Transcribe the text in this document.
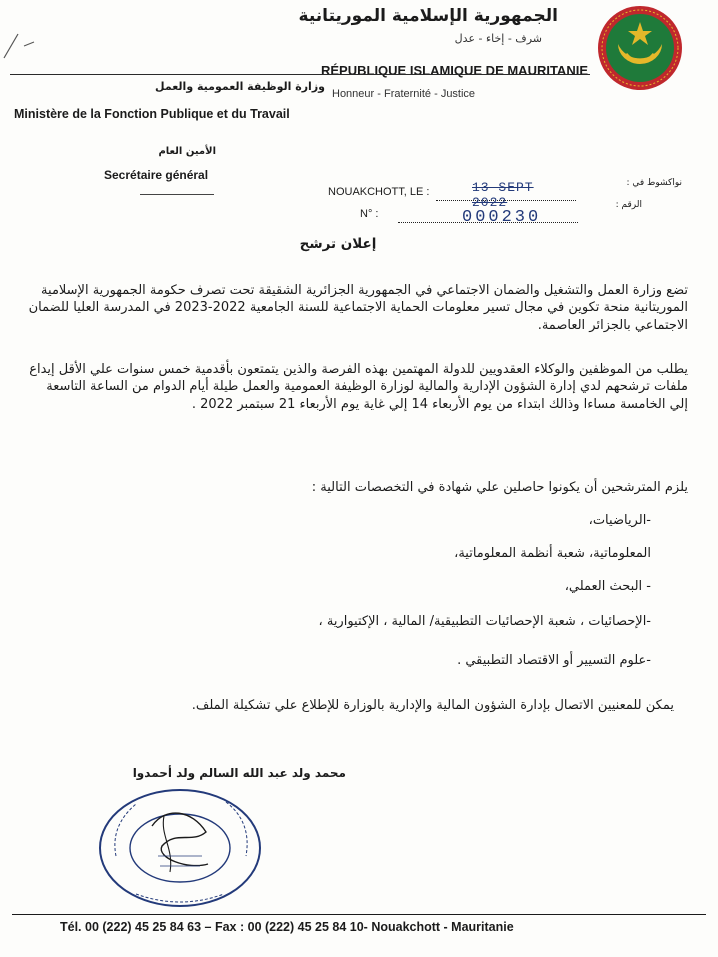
الجمهورية الإسلامية الموريتانية
شرف - إخاء - عدل
RÉPUBLIQUE ISLAMIQUE DE MAURITANIE
Honneur - Fraternité - Justice
وزارة الوظيفة العمومية والعمل
Ministère de la Fonction Publique et du Travail
الأمين العام
Secrétaire général
NOUAKCHOTT, LE :	13 SEPT 2022
نواكشوط في :
N° :	000230
الرقم :
إعلان ترشح
تضع وزارة العمل والتشغيل والضمان الاجتماعي في الجمهورية الجزائرية الشقيقة تحت تصرف حكومة الجمهورية الإسلامية الموريتانية منحة تكوين في مجال تسير معلومات الحماية الاجتماعية للسنة الجامعية 2022-2023 في المدرسة العليا للضمان الاجتماعي بالجزائر العاصمة.
يطلب من الموظفين والوكلاء العقدويين للدولة المهتمين بهذه الفرصة والذين يتمتعون بأقدمية خمس سنوات علي الأقل إيداع ملفات ترشحهم لدي إدارة الشؤون الإدارية والمالية لوزارة الوظيفة العمومية والعمل طيلة أيام الدوام من الساعة التاسعة إلي الخامسة مساءا وذالك ابتداء من يوم الأربعاء 14 إلي غاية يوم الأربعاء 21 سبتمبر 2022 .
يلزم المترشحين أن يكونوا حاصلين علي شهادة في التخصصات التالية :
-الرياضيات،
المعلوماتية، شعبة أنظمة المعلوماتية،
- البحث العملي،
-الإحصائيات ، شعبة الإحصائيات التطبيقية/ المالية ، الإكتيوارية ،
-علوم التسيير أو الاقتصاد التطبيقي .
يمكن للمعنيين الاتصال بإدارة الشؤون المالية والإدارية بالوزارة للإطلاع علي تشكيلة الملف.
محمد ولد عبد الله السالم ولد أحمدوا
Tél. 00 (222) 45 25 84 63 – Fax : 00 (222) 45 25 84 10- Nouakchott - Mauritanie
